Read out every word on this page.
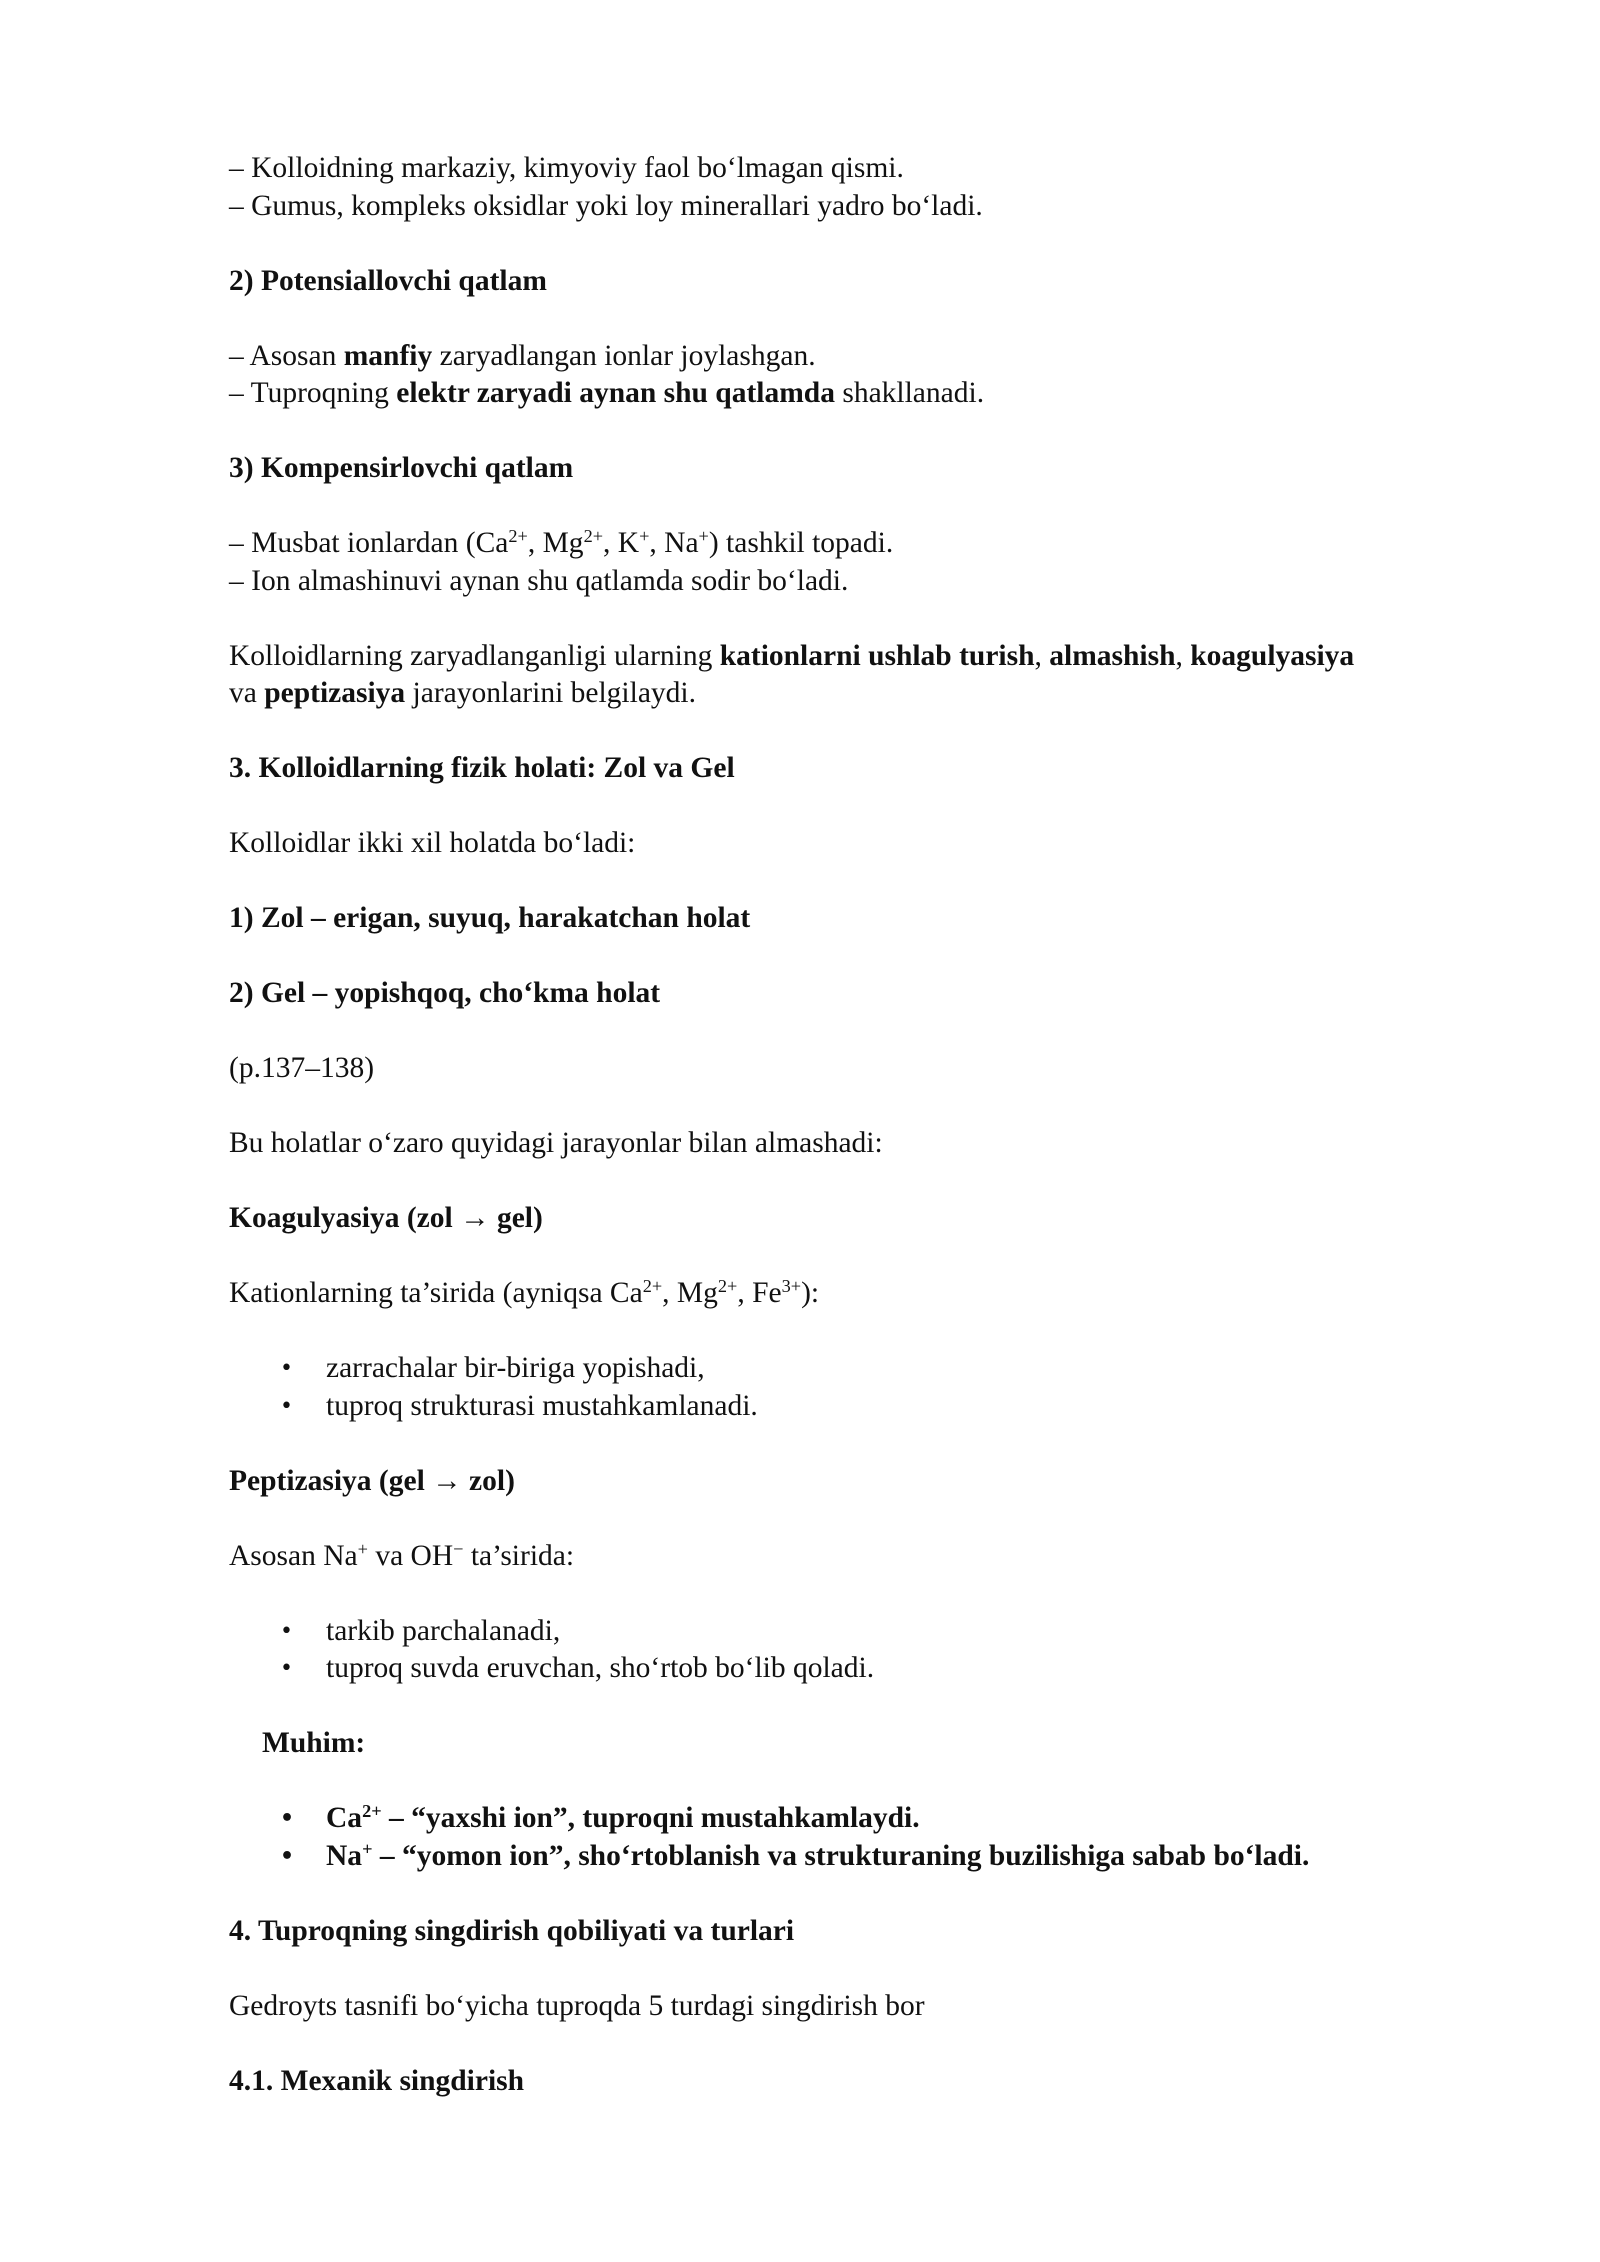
– Kolloidning markaziy, kimyoviy faol bo‘lmagan qismi.

– Gumus, kompleks oksidlar yoki loy minerallari yadro bo‘ladi.

2) Potensiallovchi qatlam

– Asosan manfiy zaryadlangan ionlar joylashgan.

– Tuproqning elektr zaryadi aynan shu qatlamda shakllanadi.

3) Kompensirlovchi qatlam

– Musbat ionlardan ($Ca^{2+}$, $Mg^{2+}$, K+, Na+) tashkil topadi.

– Ion almashinuvi aynan shu qatlamda sodir bo‘ladi.

Kolloidlarning zaryadlanganligi ularning kationlarni ushlab turish, almashish, koagulyasiya
va peptizasiya jarayonlarini belgilaydi.

3. Kolloidlarning fizik holati: Zol va Gel

Kolloidlar ikki xil holatda bo‘ladi:

1) Zol – erigan, suyuq, harakatchan holat

2) Gel – yopishqoq, cho‘kma holat

(p.137–138)

Bu holatlar o‘zaro quyidagi jarayonlar bilan almashadi:

Koagulyasiya (zol → gel)

Kationlarning ta’sirida (ayniqsa $Ca^{2+}$, $Mg^{2+}$, $Fe^{3+}$):

• zarrachalar bir-biriga yopishadi,
• tuproq strukturasi mustahkamlanadi.

Peptizasiya (gel → zol)

Asosan Na+ va OH− ta’sirida:

• tarkib parchalanadi,
• tuproq suvda eruvchan, sho‘rtob bo‘lib qoladi.

Muhim:

• $Ca^{2+}$ – “yaxshi ion”, tuproqni mustahkamlaydi.
• Na+ – “yomon ion”, sho‘rtoblanish va strukturaning buzilishiga sabab bo‘ladi.

4. Tuproqning singdirish qobiliyati va turlari

Gedroyts tasnifi bo‘yicha tuproqda 5 turdagi singdirish bor

4.1. Mexanik singdirish
